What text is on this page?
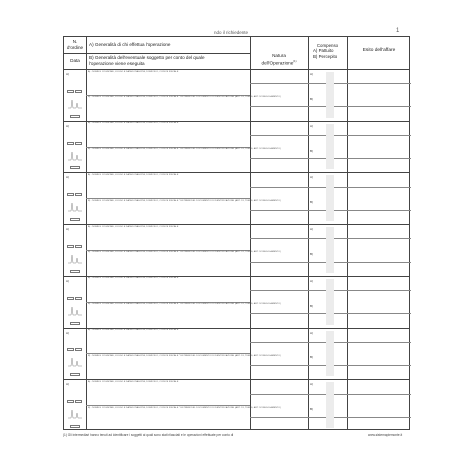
ndo il richiedente	1
N.
d'ordine
Data
A) Generalità di chi effettua l'operazione
B) Generalità dell'eventuale soggetto per conto del quale
l'operazione viene eseguita

Natura
dell'Operazione$^{(1)}$

Compenso
A) Pattuito
B) Percepito
Esito dell'affare
A)
B)
A)
A) : NOME E COGNOME, LUOGO E DATA DI NASCITA, DOMICILIO, CODICE FISCALE
B) : NOME E COGNOME, LUOGO E DATA DI NASCITA, DOMICILIO, CODICE FISCALE * ESTREMI DEL DOCUMENTO DI IDENTIFICAZIONE (ART. 19, TUEPS, ART. 52 REGOLAMENTO)
A)
B)
A)
A) : NOME E COGNOME, LUOGO E DATA DI NASCITA, DOMICILIO, CODICE FISCALE
B) : NOME E COGNOME, LUOGO E DATA DI NASCITA, DOMICILIO, CODICE FISCALE * ESTREMI DEL DOCUMENTO DI IDENTIFICAZIONE (ART. 19, TUEPS, ART. 52 REGOLAMENTO)
A)
B)
A)
A) : NOME E COGNOME, LUOGO E DATA DI NASCITA, DOMICILIO, CODICE FISCALE
B) : NOME E COGNOME, LUOGO E DATA DI NASCITA, DOMICILIO, CODICE FISCALE * ESTREMI DEL DOCUMENTO DI IDENTIFICAZIONE (ART. 19, TUEPS, ART. 52 REGOLAMENTO)
A)
B)
A)
A) : NOME E COGNOME, LUOGO E DATA DI NASCITA, DOMICILIO, CODICE FISCALE
B) : NOME E COGNOME, LUOGO E DATA DI NASCITA, DOMICILIO, CODICE FISCALE * ESTREMI DEL DOCUMENTO DI IDENTIFICAZIONE (ART. 19, TUEPS, ART. 52 REGOLAMENTO)
A)
B)
A)
A) : NOME E COGNOME, LUOGO E DATA DI NASCITA, DOMICILIO, CODICE FISCALE
B) : NOME E COGNOME, LUOGO E DATA DI NASCITA, DOMICILIO, CODICE FISCALE * ESTREMI DEL DOCUMENTO DI IDENTIFICAZIONE (ART. 19, TUEPS, ART. 52 REGOLAMENTO)
A)
B)
A)
A) : NOME E COGNOME, LUOGO E DATA DI NASCITA, DOMICILIO, CODICE FISCALE
B) : NOME E COGNOME, LUOGO E DATA DI NASCITA, DOMICILIO, CODICE FISCALE * ESTREMI DEL DOCUMENTO DI IDENTIFICAZIONE (ART. 19, TUEPS, ART. 52 REGOLAMENTO)
A)
B)
A)
A) : NOME E COGNOME, LUOGO E DATA DI NASCITA, DOMICILIO, CODICE FISCALE
B) : NOME E COGNOME, LUOGO E DATA DI NASCITA, DOMICILIO, CODICE FISCALE * ESTREMI DEL DOCUMENTO DI IDENTIFICAZIONE (ART. 19, TUEPS, ART. 52 REGOLAMENTO)
(1) Gli intermediari hanno tenuti ad identificare i soggetti ai quali sono stati rilasciati e le operazioni effettuate per conto di	www.sistemapiemonte.it
